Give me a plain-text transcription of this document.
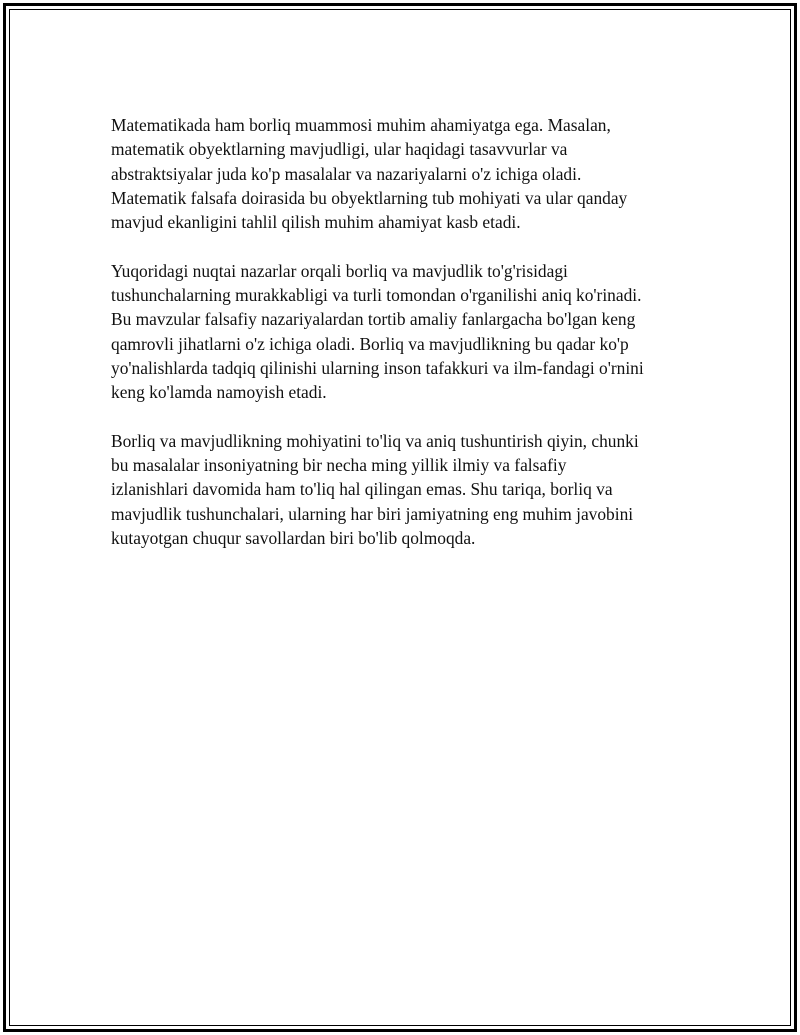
Matematikada ham borliq muammosi muhim ahamiyatga ega. Masalan,
matematik obyektlarning mavjudligi, ular haqidagi tasavvurlar va
abstraktsiyalar juda ko'p masalalar va nazariyalarni o'z ichiga oladi.
Matematik falsafa doirasida bu obyektlarning tub mohiyati va ular qanday
mavjud ekanligini tahlil qilish muhim ahamiyat kasb etadi.

Yuqoridagi nuqtai nazarlar orqali borliq va mavjudlik to'g'risidagi
tushunchalarning murakkabligi va turli tomondan o'rganilishi aniq ko'rinadi.
Bu mavzular falsafiy nazariyalardan tortib amaliy fanlargacha bo'lgan keng
qamrovli jihatlarni o'z ichiga oladi. Borliq va mavjudlikning bu qadar ko'p
yo'nalishlarda tadqiq qilinishi ularning inson tafakkuri va ilm-fandagi o'rnini
keng ko'lamda namoyish etadi.

Borliq va mavjudlikning mohiyatini to'liq va aniq tushuntirish qiyin, chunki
bu masalalar insoniyatning bir necha ming yillik ilmiy va falsafiy
izlanishlari davomida ham to'liq hal qilingan emas. Shu tariqa, borliq va
mavjudlik tushunchalari, ularning har biri jamiyatning eng muhim javobini
kutayotgan chuqur savollardan biri bo'lib qolmoqda.
